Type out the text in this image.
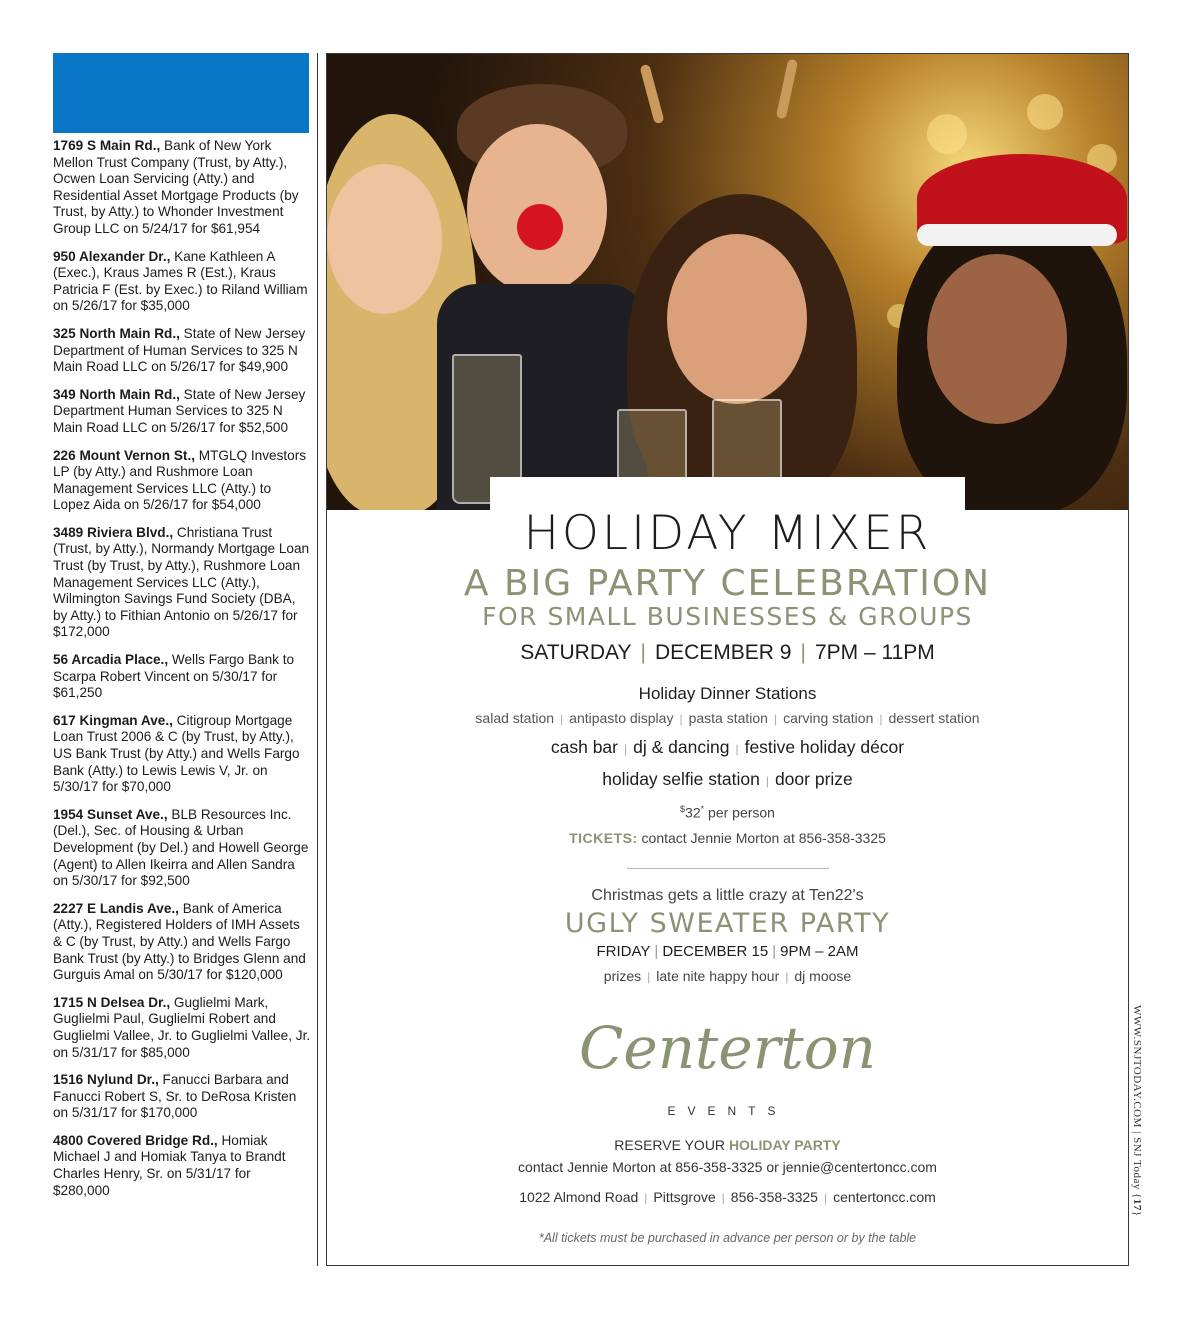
1769 S Main Rd., Bank of New York Mellon Trust Company (Trust, by Atty.), Ocwen Loan Servicing (Atty.) and Residential Asset Mortgage Products (by Trust, by Atty.) to Whonder Investment Group LLC on 5/24/17 for $61,954
950 Alexander Dr., Kane Kathleen A (Exec.), Kraus James R (Est.), Kraus Patricia F (Est. by Exec.) to Riland William on 5/26/17 for $35,000
325 North Main Rd., State of New Jersey Department of Human Services to 325 N Main Road LLC on 5/26/17 for $49,900
349 North Main Rd., State of New Jersey Department Human Services to 325 N Main Road LLC on 5/26/17 for $52,500
226 Mount Vernon St., MTGLQ Investors LP (by Atty.) and Rushmore Loan Management Services LLC (Atty.) to Lopez Aida on 5/26/17 for $54,000
3489 Riviera Blvd., Christiana Trust (Trust, by Atty.), Normandy Mortgage Loan Trust (by Trust, by Atty.), Rushmore Loan Management Services LLC (Atty.), Wilmington Savings Fund Society (DBA, by Atty.) to Fithian Antonio on 5/26/17 for $172,000
56 Arcadia Place., Wells Fargo Bank to Scarpa Robert Vincent on 5/30/17 for $61,250
617 Kingman Ave., Citigroup Mortgage Loan Trust 2006 & C (by Trust, by Atty.), US Bank Trust (by Atty.) and Wells Fargo Bank (Atty.) to Lewis Lewis V, Jr. on 5/30/17 for $70,000
1954 Sunset Ave., BLB Resources Inc. (Del.), Sec. of Housing & Urban Development (by Del.) and Howell George (Agent) to Allen Ikeirra and Allen Sandra on 5/30/17 for $92,500
2227 E Landis Ave., Bank of America (Atty.), Registered Holders of IMH Assets & C (by Trust, by Atty.) and Wells Fargo Bank Trust (by Atty.) to Bridges Glenn and Gurguis Amal on 5/30/17 for $120,000
1715 N Delsea Dr., Guglielmi Mark, Guglielmi Paul, Guglielmi Robert and Guglielmi Vallee, Jr. to Guglielmi Vallee, Jr. on 5/31/17 for $85,000
1516 Nylund Dr., Fanucci Barbara and Fanucci Robert S, Sr. to DeRosa Kristen on 5/31/17 for $170,000
4800 Covered Bridge Rd., Homiak Michael J and Homiak Tanya to Brandt Charles Henry, Sr. on 5/31/17 for $280,000
HOLIDAY MIXER
A BIG PARTY CELEBRATION
FOR SMALL BUSINESSES & GROUPS
SATURDAY | DECEMBER 9 | 7PM – 11PM
Holiday Dinner Stations
salad station | antipasto display | pasta station | carving station | dessert station
cash bar | dj & dancing | festive holiday décor
holiday selfie station | door prize
$32* per person
TICKETS: contact Jennie Morton at 856-358-3325
Christmas gets a little crazy at Ten22's
UGLY SWEATER PARTY
FRIDAY | DECEMBER 15 | 9PM – 2AM
prizes | late nite happy hour | dj moose
Centerton
EVENTS
RESERVE YOUR HOLIDAY PARTY
contact Jennie Morton at 856-358-3325 or jennie@centertoncc.com
1022 Almond Road | Pittsgrove | 856-358-3325 | centertoncc.com
*All tickets must be purchased in advance per person or by the table
WWW.SNJTODAY.COM | SNJ Today {17}
